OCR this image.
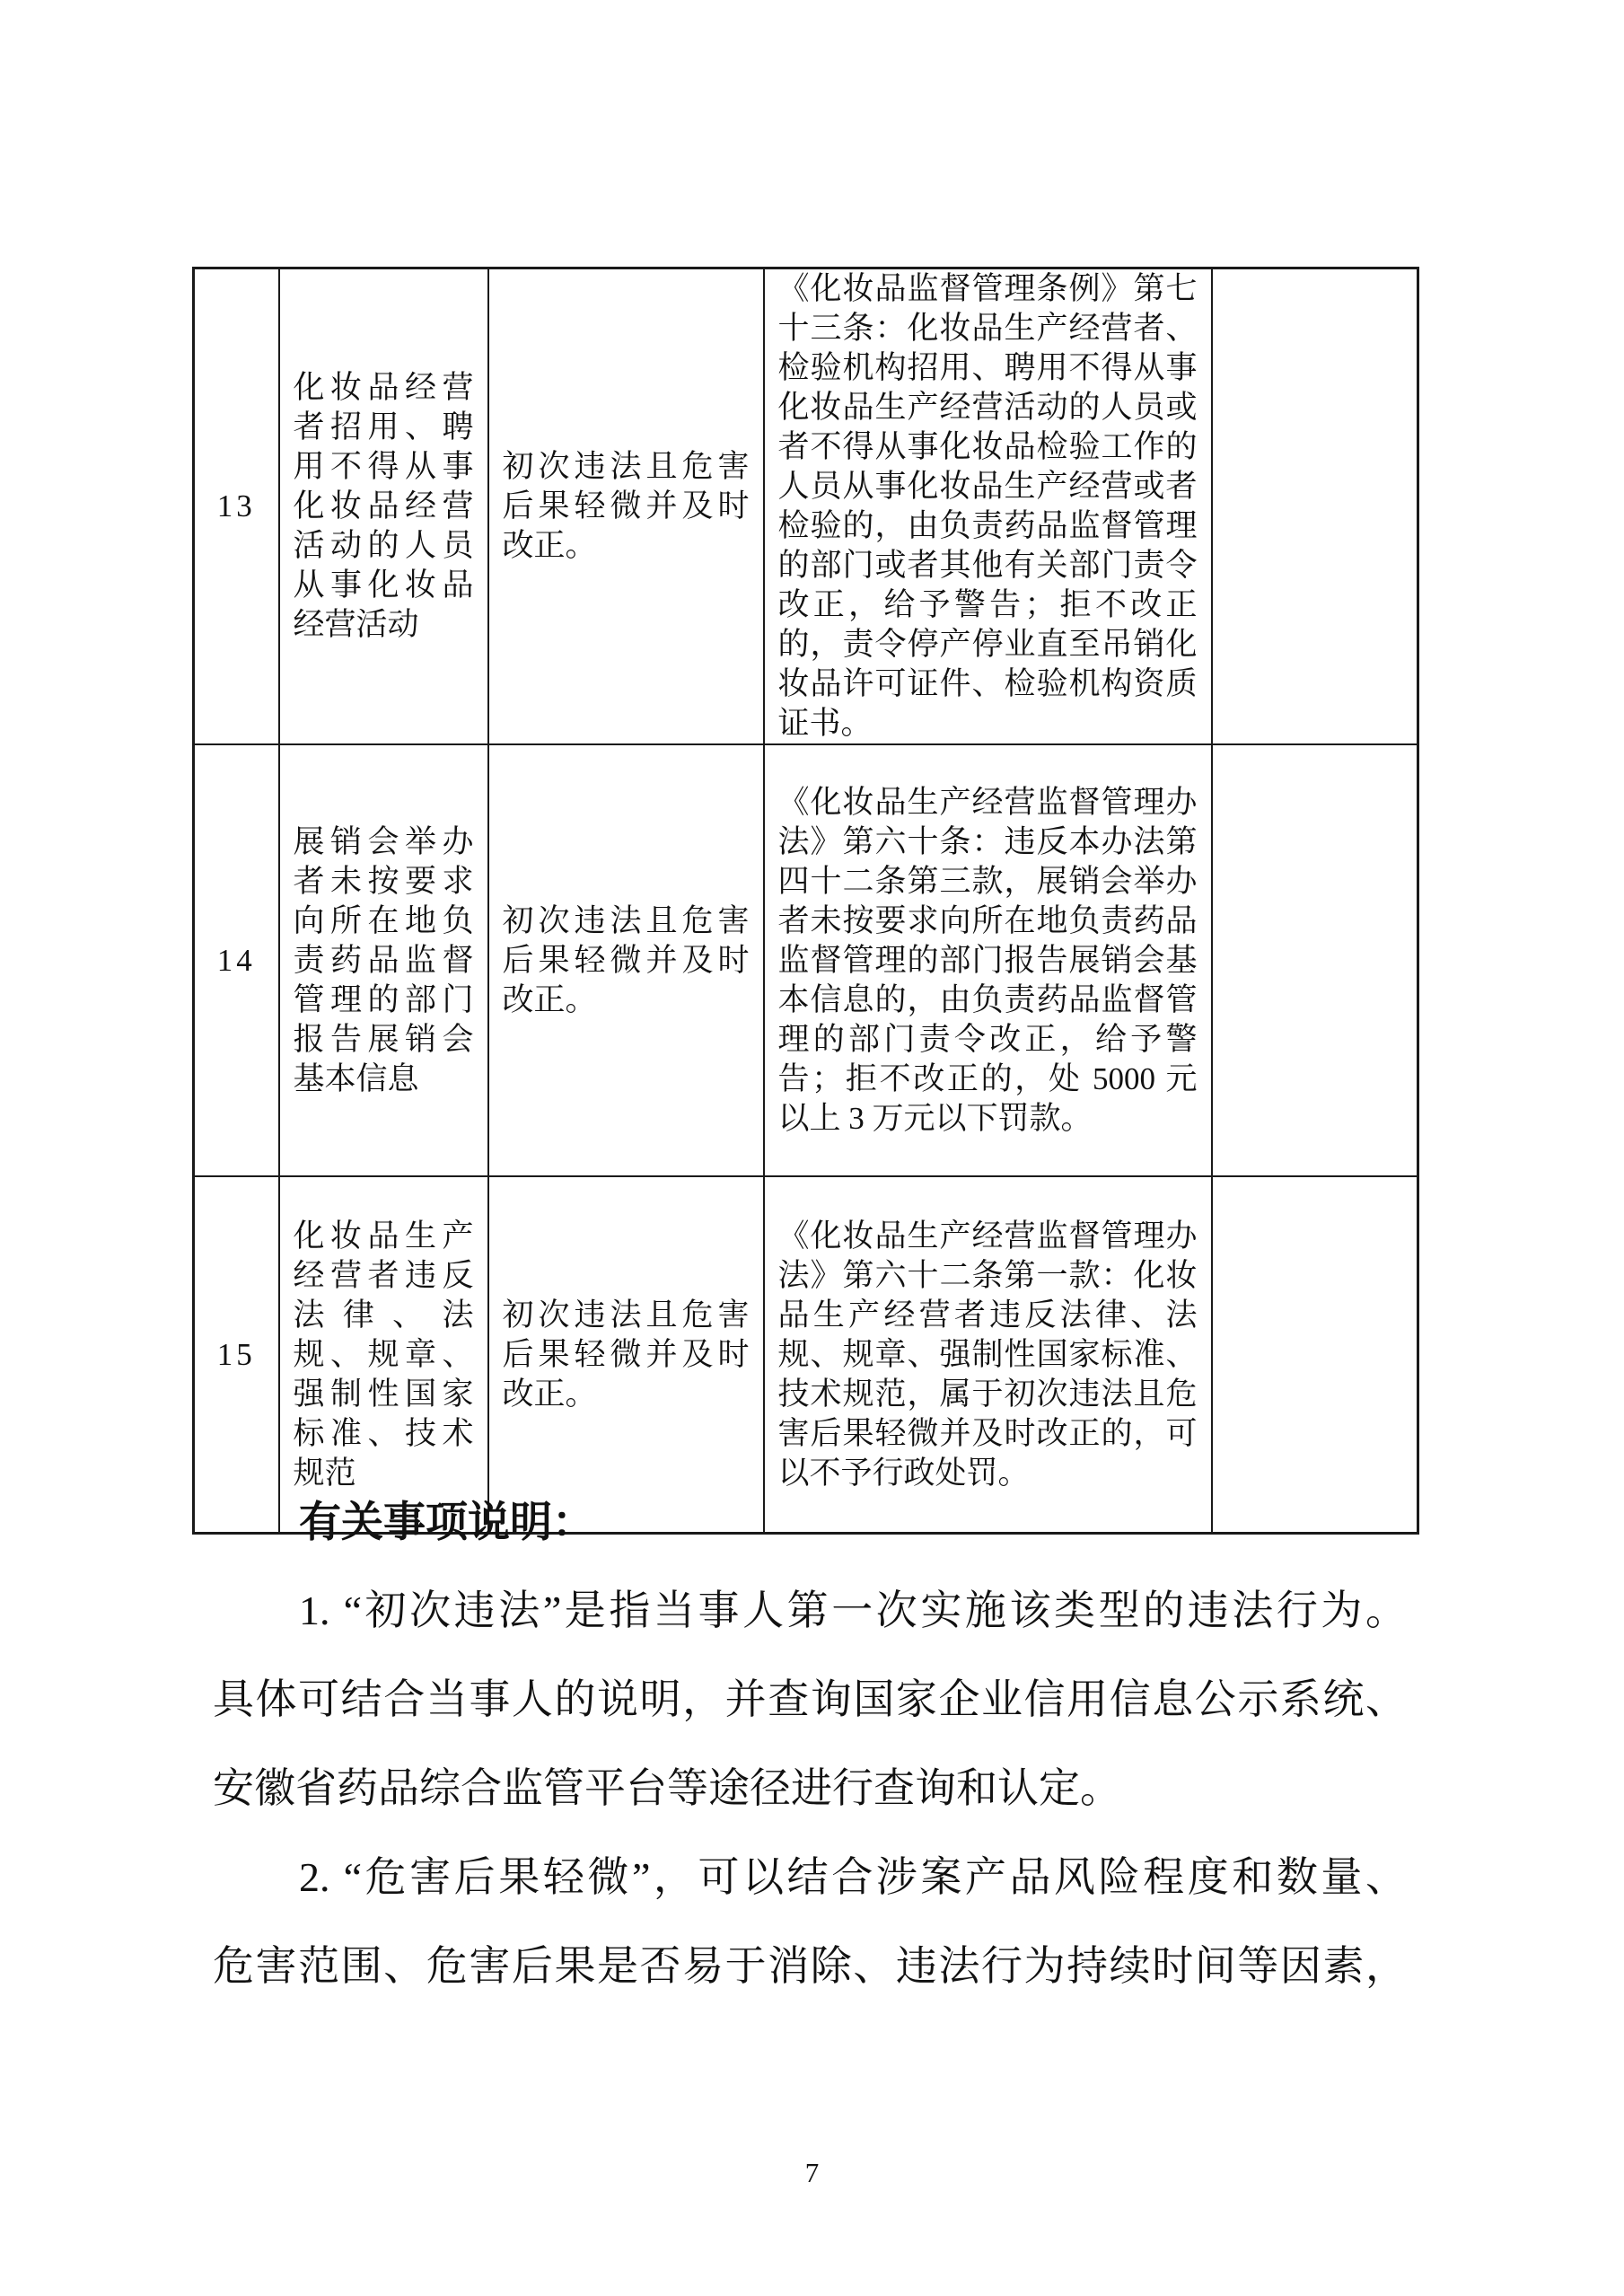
13	化妆品经营者招用、聘用不得从事化妆品经营活动的人员从事化妆品经营活动	初次违法且危害后果轻微并及时改正。	《化妆品监督管理条例》第七十三条：化妆品生产经营者、检验机构招用、聘用不得从事化妆品生产经营活动的人员或者不得从事化妆品检验工作的人员从事化妆品生产经营或者检验的，由负责药品监督管理的部门或者其他有关部门责令改正，给予警告；拒不改正的，责令停产停业直至吊销化妆品许可证件、检验机构资质证书。	
14	展销会举办者未按要求向所在地负责药品监督管理的部门报告展销会基本信息	初次违法且危害后果轻微并及时改正。	《化妆品生产经营监督管理办法》第六十条：违反本办法第四十二条第三款，展销会举办者未按要求向所在地负责药品监督管理的部门报告展销会基本信息的，由负责药品监督管理的部门责令改正，给予警告；拒不改正的，处 5000 元以上 3 万元以下罚款。	
15	化妆品生产经营者违反法律、法规、规章、强制性国家标准、技术规范	初次违法且危害后果轻微并及时改正。	《化妆品生产经营监督管理办法》第六十二条第一款：化妆品生产经营者违反法律、法规、规章、强制性国家标准、技术规范，属于初次违法且危害后果轻微并及时改正的，可以不予行政处罚。	
有关事项说明：
1. “初次违法”是指当事人第一次实施该类型的违法行为。
具体可结合当事人的说明，并查询国家企业信用信息公示系统、
安徽省药品综合监管平台等途径进行查询和认定。
2. “危害后果轻微”，可以结合涉案产品风险程度和数量、
危害范围、危害后果是否易于消除、违法行为持续时间等因素，
7
